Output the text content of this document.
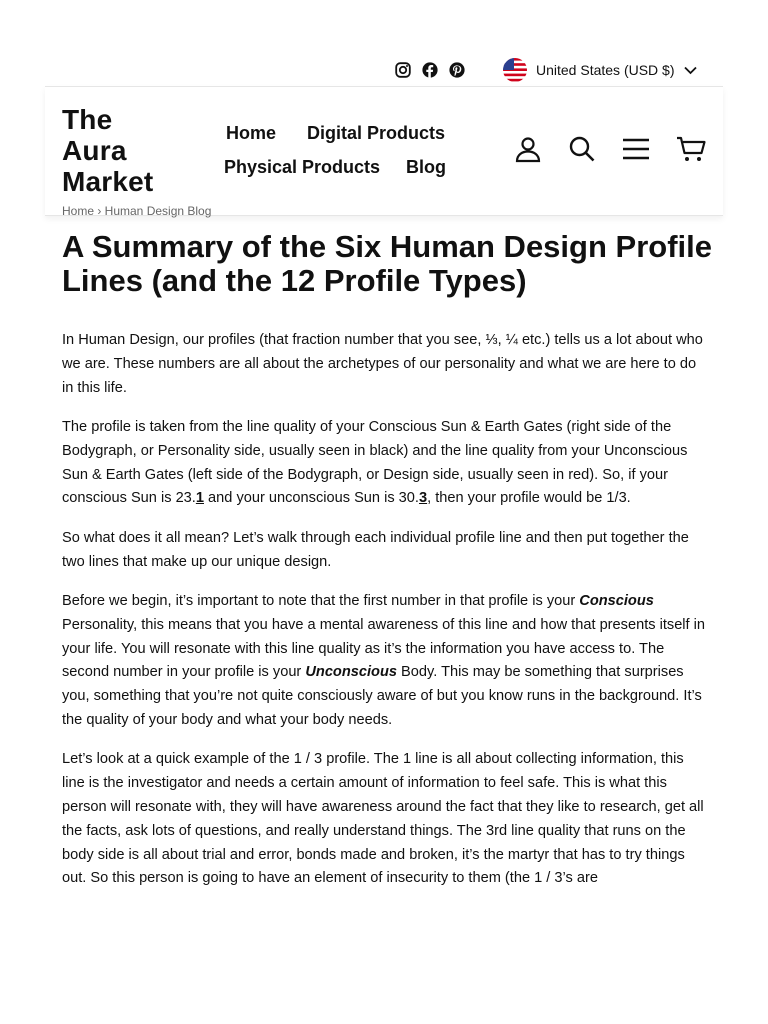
United States (USD $)
The
Aura
Market
Home Digital Products
Physical Products Blog
Home › Human Design Blog
A Summary of the Six Human Design Profile Lines (and the 12 Profile Types)

In Human Design, our profiles (that fraction number that you see, ⅓, ¼ etc.) tells us a lot about who we are. These numbers are all about the archetypes of our personality and what we are here to do in this life.

The profile is taken from the line quality of your Conscious Sun & Earth Gates (right side of the Bodygraph, or Personality side, usually seen in black) and the line quality from your Unconscious Sun & Earth Gates (left side of the Bodygraph, or Design side, usually seen in red). So, if your conscious Sun is 23.1 and your unconscious Sun is 30.3, then your profile would be 1/3.

So what does it all mean? Let’s walk through each individual profile line and then put together the two lines that make up our unique design.

Before we begin, it’s important to note that the first number in that profile is your Conscious Personality, this means that you have a mental awareness of this line and how that presents itself in your life. You will resonate with this line quality as it’s the information you have access to. The second number in your profile is your Unconscious Body. This may be something that surprises you, something that you’re not quite consciously aware of but you know runs in the background. It’s the quality of your body and what your body needs.

Let’s look at a quick example of the 1 / 3 profile. The 1 line is all about collecting information, this line is the investigator and needs a certain amount of information to feel safe. This is what this person will resonate with, they will have awareness around the fact that they like to research, get all the facts, ask lots of questions, and really understand things. The 3rd line quality that runs on the body side is all about trial and error, bonds made and broken, it’s the martyr that has to try things out. So this person is going to have an element of insecurity to them (the 1 / 3’s are
